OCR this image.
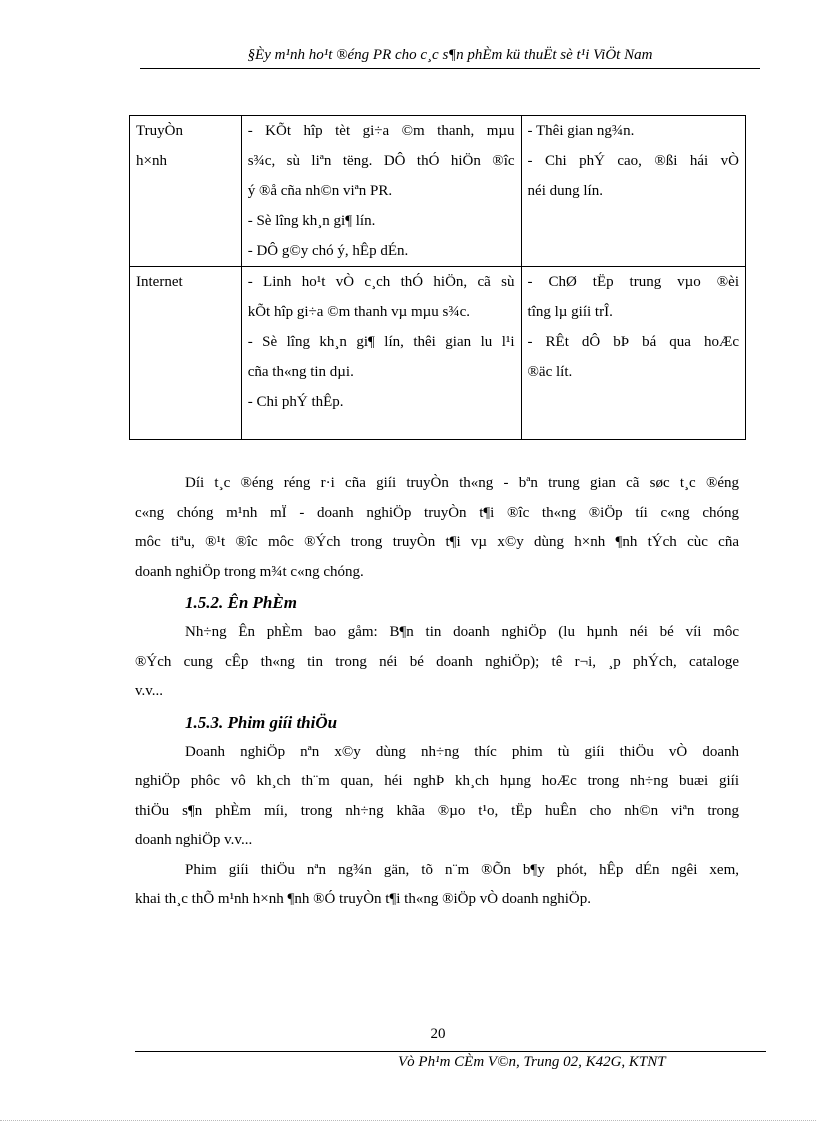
§Èy m¹nh ho¹t ®éng PR cho c¸c s¶n phÈm kü thuËt sè t¹i ViÖt Nam
TruyÒn
h×nh	- KÕt hîp tèt gi÷a ©m thanh, mµu
s¾c, sù liªn tëng. DÔ thÓ hiÖn ®îc
ý ®å cña nh©n viªn PR.
- Sè lîng kh¸n gi¶ lín.
- DÔ g©y chó ý, hÊp dÉn.	- Thêi gian ng¾n.
- Chi phÝ cao, ®ßi hái vÒ
néi dung lín.

Internet	- Linh ho¹t vÒ c¸ch thÓ hiÖn, cã sù
kÕt hîp gi÷a ©m thanh vµ mµu s¾c.
- Sè lîng kh¸n gi¶ lín, thêi gian lu l¹i
cña th«ng tin dµi.
- Chi phÝ thÊp.	- ChØ tËp trung vµo ®èi
tîng lµ giíi trÎ.
- RÊt dÔ bÞ bá qua hoÆc
®äc lít.
Díi t¸c ®éng réng r·i cña giíi truyÒn th«ng - bªn trung gian cã søc t¸c ®éng
c«ng chóng m¹nh mÏ - doanh nghiÖp truyÒn t¶i ®îc th«ng ®iÖp tíi c«ng chóng
môc tiªu, ®¹t ®îc môc ®Ých trong truyÒn t¶i vµ x©y dùng h×nh ¶nh tÝch cùc cña
doanh nghiÖp trong m¾t c«ng chóng.
1.5.2. Ên PhÈm
Nh÷ng Ên phÈm bao gåm: B¶n tin doanh nghiÖp (lu hµnh néi bé víi môc
®Ých cung cÊp th«ng tin trong néi bé doanh nghiÖp); tê r¬i, ¸p phÝch, cataloge
v.v...
1.5.3. Phim giíi thiÖu
Doanh nghiÖp nªn x©y dùng nh÷ng thíc phim tù giíi thiÖu vÒ doanh
nghiÖp phôc vô kh¸ch th¨m quan, héi nghÞ kh¸ch hµng hoÆc trong nh÷ng buæi giíi
thiÖu s¶n phÈm míi, trong nh÷ng khãa ®µo t¹o, tËp huÊn cho nh©n viªn trong
doanh nghiÖp v.v...
Phim giíi thiÖu nªn ng¾n gän, tõ n¨m ®Õn b¶y phót, hÊp dÉn ngêi xem,
khai th¸c thÕ m¹nh h×nh ¶nh ®Ó truyÒn t¶i th«ng ®iÖp vÒ doanh nghiÖp.
20
Vò Ph¹m CÈm V©n, Trung 02, K42G, KTNT
